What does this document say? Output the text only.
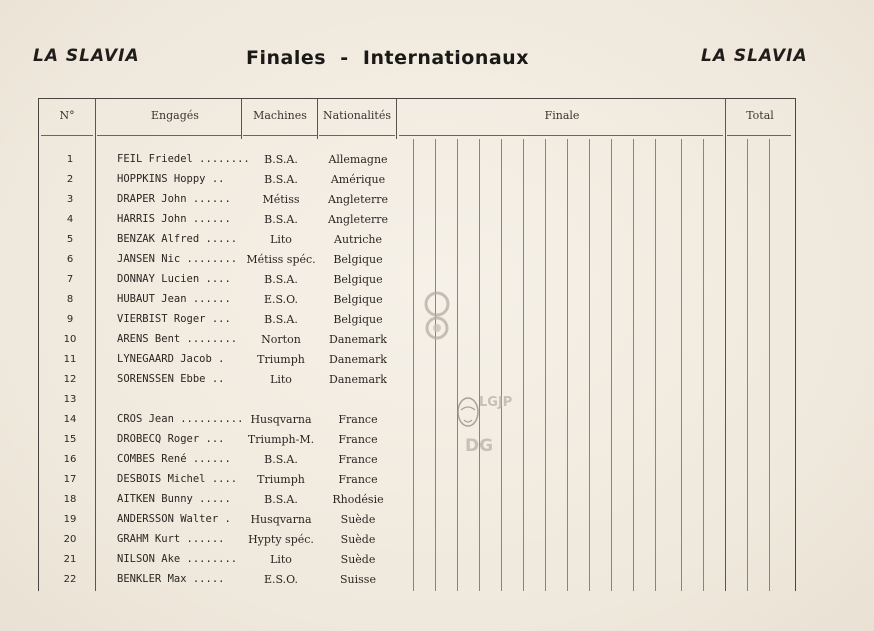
LA SLAVIA	Finales  -  Internationaux	LA SLAVIA
N°	Engagés	Machines	Nationalités	Finale	Total
1	FEIL Friedel ........	B.S.A.	Allemagne
2	HOPPKINS Hoppy ..	B.S.A.	Amérique
3	DRAPER John ......	Métiss	Angleterre
4	HARRIS John ......	B.S.A.	Angleterre
5	BENZAK Alfred .....	Lito	Autriche
6	JANSEN Nic ........ Métiss spéc.	Belgique
7	DONNAY Lucien ....	B.S.A.	Belgique
8	HUBAUT Jean ......	E.S.O.	Belgique
9	VIERBIST Roger ...	B.S.A.	Belgique
10	ARENS Bent ........	Norton	Danemark
11	LYNEGAARD Jacob .	Triumph	Danemark
12	SORENSSEN Ebbe ..	Lito	Danemark
13
14	CROS Jean .......... Husqvarna	France
15	DROBECQ Roger ...	Triumph-M.	France
16	COMBES René ......	B.S.A.	France
17	DESBOIS Michel ....	Triumph	France
18	AITKEN Bunny .....	B.S.A.	Rhodésie
19	ANDERSSON Walter .	Husqvarna	Suède
20	GRAHM Kurt ......	Hypty spéc.	Suède
21	NILSON Ake ........	Lito	Suède
22	BENKLER Max .....	E.S.O.	Suisse
LGJP
DG
